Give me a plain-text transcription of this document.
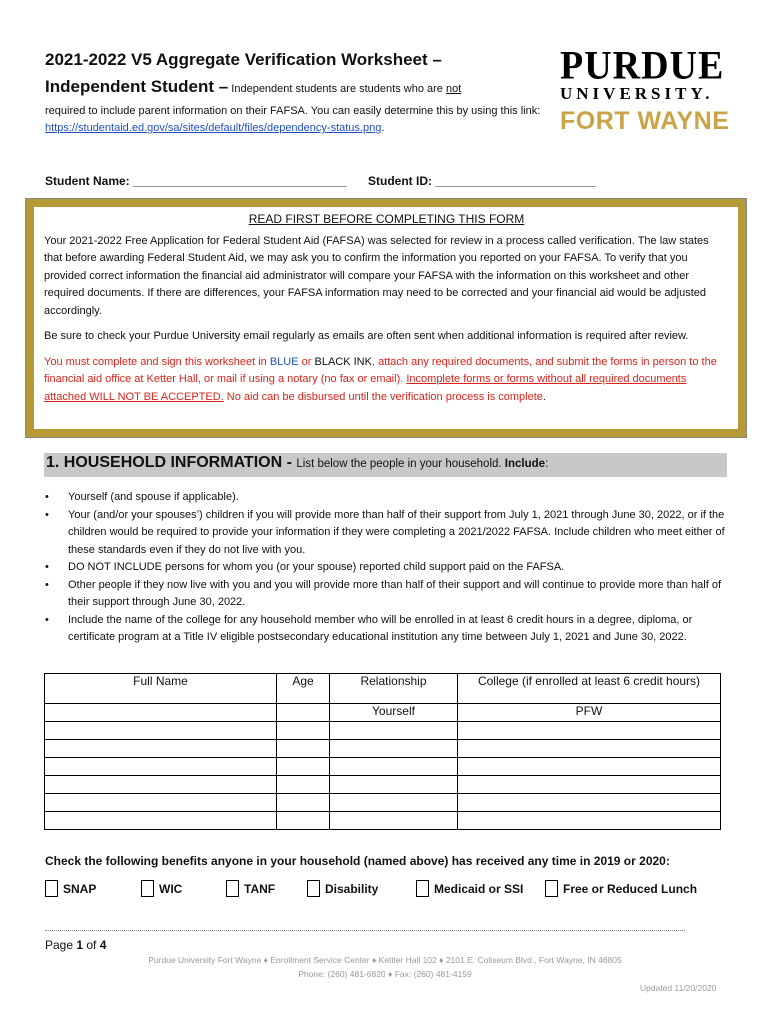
2021-2022 V5 Aggregate Verification Worksheet –
Independent Student – Independent students are students who are not
required to include parent information on their FAFSA. You can easily determine this by using this link: https://studentaid.ed.gov/sa/sites/default/files/dependency-status.png.
PURDUE
UNIVERSITY.
FORT WAYNE
Student Name: ________________________________ Student ID: ________________________
READ FIRST BEFORE COMPLETING THIS FORM

Your 2021-2022 Free Application for Federal Student Aid (FAFSA) was selected for review in a process called verification. The law states that before awarding Federal Student Aid, we may ask you to confirm the information you reported on your FAFSA. To verify that you provided correct information the financial aid administrator will compare your FAFSA with the information on this worksheet and other required documents. If there are differences, your FAFSA information may need to be corrected and your financial aid would be adjusted accordingly.

Be sure to check your Purdue University email regularly as emails are often sent when additional information is required after review.

You must complete and sign this worksheet in BLUE or BLACK INK, attach any required documents, and submit the forms in person to the financial aid office at Ketter Hall, or mail if using a notary (no fax or email). Incomplete forms or forms without all required documents attached WILL NOT BE ACCEPTED. No aid can be disbursed until the verification process is complete.

1. HOUSEHOLD INFORMATION - List below the people in your household. Include:
• Yourself (and spouse if applicable).
• Your (and/or your spouses’) children if you will provide more than half of their support from July 1, 2021 through June 30, 2022, or if the children would be required to provide your information if they were completing a 2021/2022 FAFSA. Include children who meet either of these standards even if they do not live with you.
• DO NOT INCLUDE persons for whom you (or your spouse) reported child support paid on the FAFSA.
• Other people if they now live with you and you will provide more than half of their support and will continue to provide more than half of their support through June 30, 2022.
• Include the name of the college for any household member who will be enrolled in at least 6 credit hours in a degree, diploma, or certificate program at a Title IV eligible postsecondary educational institution any time between July 1, 2021 and June 30, 2022.
Full Name	Age	Relationship	College (if enrolled at least 6 credit hours)
		Yourself	PFW

Check the following benefits anyone in your household (named above) has received any time in 2019 or 2020:
SNAP	WIC	TANF	Disability	Medicaid or SSI	Free or Reduced Lunch
Page 1 of 4
Purdue University Fort Wayne ♦ Enrollment Service Center ♦ Kettler Hall 102 ♦ 2101 E. Coliseum Blvd., Fort Wayne, IN 46805
Phone: (260) 481-6820 ♦ Fax: (260) 481-4159
Updated 11/20/2020
